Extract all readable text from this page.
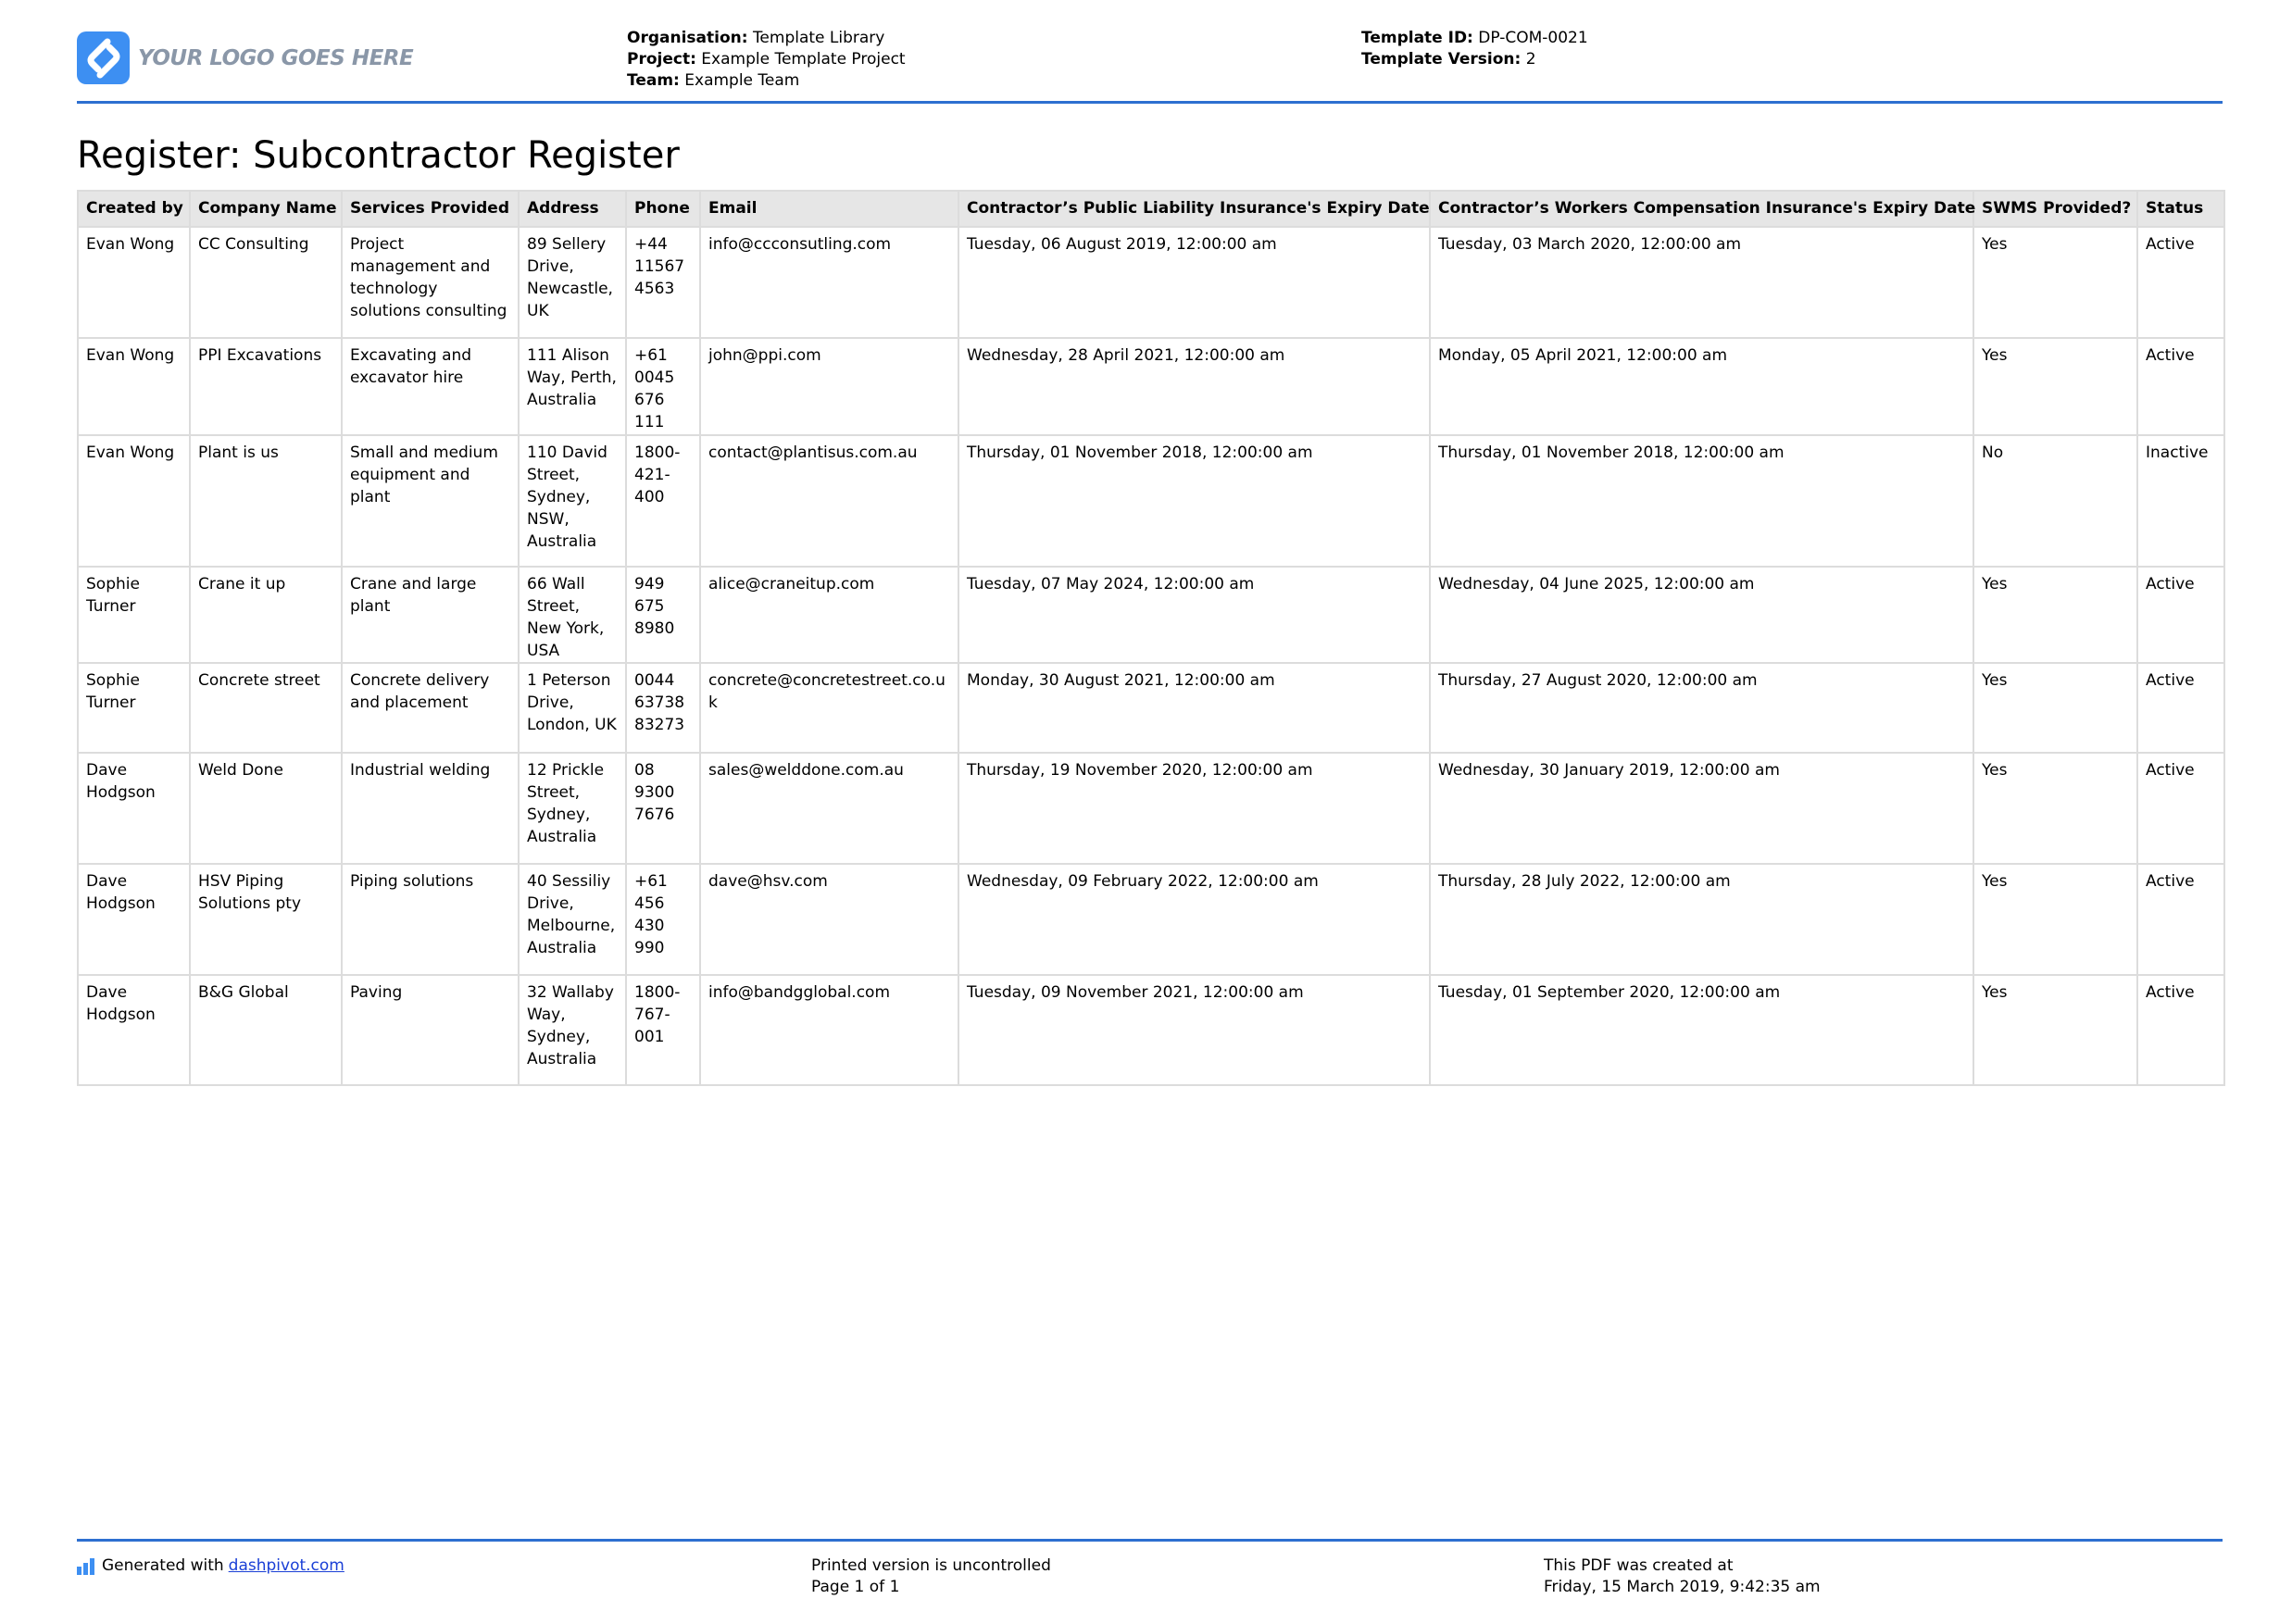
YOUR LOGO GOES HERE
Organisation: Template Library
Project: Example Template Project
Team: Example Team
Template ID: DP-COM-0021
Template Version: 2
Register: Subcontractor Register
Created by	Company Name	Services Provided	Address	Phone	Email	Contractor’s Public Liability Insurance's Expiry Date	Contractor’s Workers Compensation Insurance's Expiry Date	SWMS Provided?	Status
Evan Wong	CC Consulting	Project management and technology solutions consulting	89 Sellery Drive, Newcastle, UK	+44 11567 4563	info@ccconsutling.com	Tuesday, 06 August 2019, 12:00:00 am	Tuesday, 03 March 2020, 12:00:00 am	Yes	Active
Evan Wong	PPI Excavations	Excavating and excavator hire	111 Alison Way, Perth, Australia	+61 0045 676 111	john@ppi.com	Wednesday, 28 April 2021, 12:00:00 am	Monday, 05 April 2021, 12:00:00 am	Yes	Active
Evan Wong	Plant is us	Small and medium equipment and plant	110 David Street, Sydney, NSW, Australia	1800-421-400	contact@plantisus.com.au	Thursday, 01 November 2018, 12:00:00 am	Thursday, 01 November 2018, 12:00:00 am	No	Inactive
Sophie Turner	Crane it up	Crane and large plant	66 Wall Street, New York, USA	949 675 8980	alice@craneitup.com	Tuesday, 07 May 2024, 12:00:00 am	Wednesday, 04 June 2025, 12:00:00 am	Yes	Active
Sophie Turner	Concrete street	Concrete delivery and placement	1 Peterson Drive, London, UK	0044 63738 83273	concrete@concretestreet.co.uk	Monday, 30 August 2021, 12:00:00 am	Thursday, 27 August 2020, 12:00:00 am	Yes	Active
Dave Hodgson	Weld Done	Industrial welding	12 Prickle Street, Sydney, Australia	08 9300 7676	sales@welddone.com.au	Thursday, 19 November 2020, 12:00:00 am	Wednesday, 30 January 2019, 12:00:00 am	Yes	Active
Dave Hodgson	HSV Piping Solutions pty	Piping solutions	40 Sessiliy Drive, Melbourne, Australia	+61 456 430 990	dave@hsv.com	Wednesday, 09 February 2022, 12:00:00 am	Thursday, 28 July 2022, 12:00:00 am	Yes	Active
Dave Hodgson	B&G Global	Paving	32 Wallaby Way, Sydney, Australia	1800-767-001	info@bandgglobal.com	Tuesday, 09 November 2021, 12:00:00 am	Tuesday, 01 September 2020, 12:00:00 am	Yes	Active
Generated with dashpivot.com	Printed version is uncontrolled
Page 1 of 1
This PDF was created at
Friday, 15 March 2019, 9:42:35 am
